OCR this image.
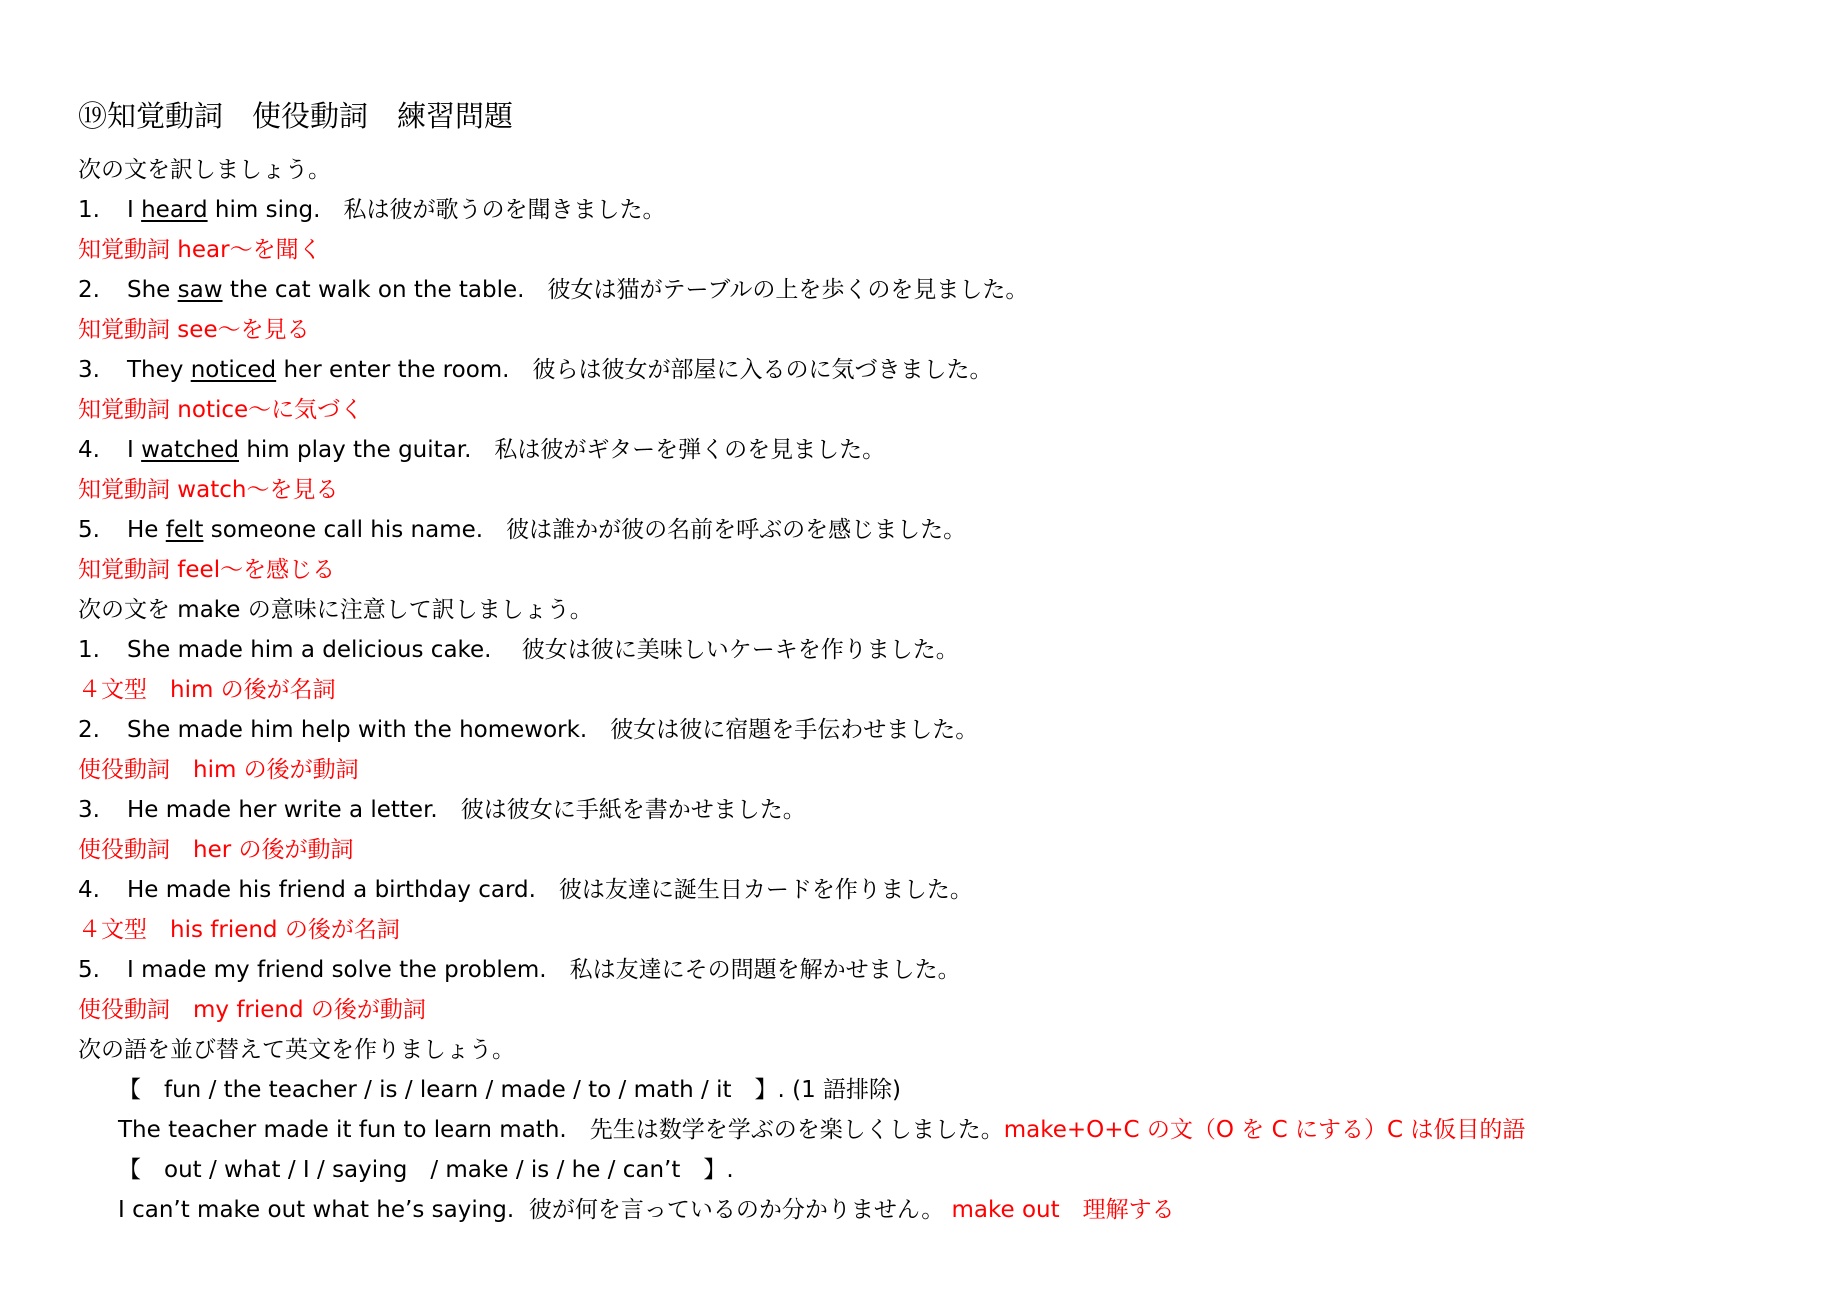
⑲知覚動詞　使役動詞　練習問題
次の文を訳しましょう。
1. I heard him sing.　私は彼が歌うのを聞きました。
知覚動詞 hear～を聞く
2. She saw the cat walk on the table.　彼女は猫がテーブルの上を歩くのを見ました。
知覚動詞 see～を見る
3. They noticed her enter the room.　彼らは彼女が部屋に入るのに気づきました。
知覚動詞 notice～に気づく
4. I watched him play the guitar.　私は彼がギターを弾くのを見ました。
知覚動詞 watch～を見る
5. He felt someone call his name.　彼は誰かが彼の名前を呼ぶのを感じました。
知覚動詞 feel～を感じる
次の文を make の意味に注意して訳しましょう。
1. She made him a delicious cake.　 彼女は彼に美味しいケーキを作りました。
４文型　him の後が名詞
2. She made him help with the homework.　彼女は彼に宿題を手伝わせました。
使役動詞　him の後が動詞
3. He made her write a letter.　彼は彼女に手紙を書かせました。
使役動詞　her の後が動詞
4. He made his friend a birthday card.　彼は友達に誕生日カードを作りました。
４文型　his friend の後が名詞
5. I made my friend solve the problem.　私は友達にその問題を解かせました。
使役動詞　my friend の後が動詞
次の語を並び替えて英文を作りましょう。
【　fun / the teacher / is / learn / made / to / math / it　】. (1 語排除)
The teacher made it fun to learn math.　先生は数学を学ぶのを楽しくしました。make+O+C の文（O を C にする）C は仮目的語
【　out / what / I / saying　/ make / is / he / can’t　】.
I can’t make out what he’s saying.  彼が何を言っているのか分かりません。 make out　理解する
